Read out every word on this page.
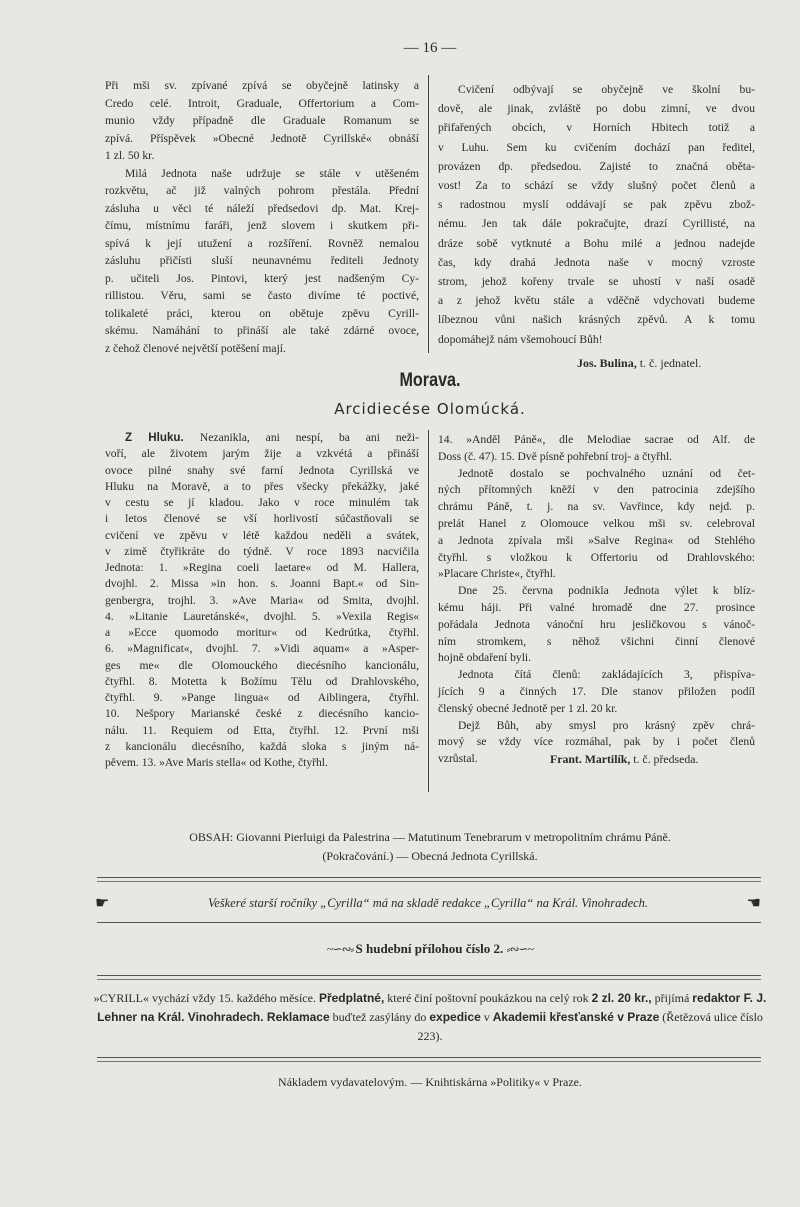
— 16 —
Při mši sv. zpívané zpívá se obyčejně latinsky a
Credo celé. Introit, Graduale, Offertorium a Com-
munio vždy případně dle Graduale Romanum se
zpívá. Příspěvek »Obecné Jednotě Cyrillské« obnáší
1 zl. 50 kr.
Milá Jednota naše udržuje se stále v utěšeném
rozkvětu, ač již valných pohrom přestála. Přední
zásluha u věci té náleží předsedovi dp. Mat. Krej-
čímu, místnímu faráři, jenž slovem i skutkem při-
spívá k její utužení a rozšíření. Rovněž nemalou
zásluhu přičísti sluší neunavnému řediteli Jednoty
p. učiteli Jos. Pintovi, který jest nadšeným Cy-
rillistou. Věru, sami se často divíme té poctivé,
tolikaleté práci, kterou on obětuje zpěvu Cyrill-
skému. Namáhání to přináší ale také zdárné ovoce,
z čehož členové největší potěšení mají.
Cvičení odbývají se obyčejně ve školní bu-
dově, ale jinak, zvláště po dobu zimní, ve dvou
přifařených obcích, v Horních Hbitech totiž a
v Luhu. Sem ku cvičením dochází pan ředitel,
provázen dp. předsedou. Zajisté to značná oběta-
vost! Za to schází se vždy slušný počet členů a
s radostnou myslí oddávají se pak zpěvu zbož-
nému. Jen tak dále pokračujte, drazí Cyrillisté, na
dráze sobě vytknuté a Bohu milé a jednou nadejde
čas, kdy drahá Jednota naše v mocný vzroste
strom, jehož kořeny trvale se uhostí v naší osadě
a z jehož květu stále a vděčně vdychovati budeme
líbeznou vůni našich krásných zpěvů. A k tomu
dopomáhejž nám všemohoucí Bůh!
Jos. Bulina, t. č. jednatel.
Morava.
Arcidiecése Olomúcká.
Z Hluku. Nezanikla, ani nespí, ba ani neži-
voří, ale životem jarým žije a vzkvétá a přináší
ovoce pilné snahy své farní Jednota Cyrillská ve
Hluku na Moravě, a to přes všecky překážky, jaké
v cestu se jí kladou. Jako v roce minulém tak
i letos členové se vší horlivostí súčastňovali se
cvičení ve zpěvu v létě každou neděli a svátek,
v zimě čtyřikráte do týdně. V roce 1893 nacvičila
Jednota: 1. »Regina coeli laetare« od M. Hallera,
dvojhl. 2. Missa »in hon. s. Joanni Bapt.« od Sin-
genbergra, trojhl. 3. »Ave Maria« od Smita, dvojhl.
4. »Litanie Lauretánské«, dvojhl. 5. »Vexila Regis«
a »Ecce quomodo moritur« od Kedrútka, čtyřhl.
6. »Magnificat«, dvojhl. 7. »Vidi aquam« a »Asper-
ges me« dle Olomouckého diecésního kancionálu,
čtyřhl. 8. Motetta k Božímu Tělu od Drahlovského,
čtyřhl. 9. »Pange lingua« od Aiblingera, čtyřhl.
10. Nešpory Marianské české z diecésního kancio-
nálu. 11. Requiem od Etta, čtyřhl. 12. První mši
z kancionálu diecésního, každá sloka s jiným ná-
pěvem. 13. »Ave Maris stella« od Kothe, čtyřhl.
14. »Anděl Páně«, dle Melodiae sacrae od Alf. de
Doss (č. 47). 15. Dvě písně pohřební troj- a čtyřhl.
Jednotě dostalo se pochvalného uznání od čet-
ných přítomných kněží v den patrocinia zdejšího
chrámu Páně, t. j. na sv. Vavřince, kdy nejd. p.
prelát Hanel z Olomouce velkou mši sv. celebroval
a Jednota zpívala mši »Salve Regina« od Stehlého
čtyřhl. s vložkou k Offertoriu od Drahlovského:
»Placare Christe«, čtyřhl.
Dne 25. června podnikla Jednota výlet k blíz-
kému háji. Při valné hromadě dne 27. prosince
pořádala Jednota vánoční hru jesličkovou s vánoč-
ním stromkem, s něhož všichni činní členové
hojně obdaření byli.
Jednota čítá členů: zakládajících 3, přispíva-
jících 9 a činných 17. Dle stanov přiložen podíl
členský obecné Jednotě per 1 zl. 20 kr.
Dejž Bůh, aby smysl pro krásný zpěv chrá-
mový se vždy více rozmáhal, pak by i počet členů
vzrůstal.	Frant. Martilík, t. č. předseda.
OBSAH: Giovanni Pierluigi da Palestrina — Matutinum Tenebrarum v metropolitním chrámu Páně.
(Pokračování.) — Obecná Jednota Cyrillská.
☛	Veškeré starší ročníky „Cyrilla“ má na skladě redakce „Cyrilla“ na Král. Vinohradech.	☚
~∽∾⸗ S hudební přílohou číslo 2. ⸗∾∽~
»CYRILL« vychází vždy 15. každého měsíce. Předplatné, které činí poštovní poukázkou na celý rok 2 zl. 20 kr., přijímá redaktor F. J. Lehner na Král. Vinohradech. Reklamace buďtež zasýlány do expedice v Akademii křesťanské v Praze (Řetězová ulice číslo 223).
Nákladem vydavatelovým. — Knihtiskárna »Politiky« v Praze.
